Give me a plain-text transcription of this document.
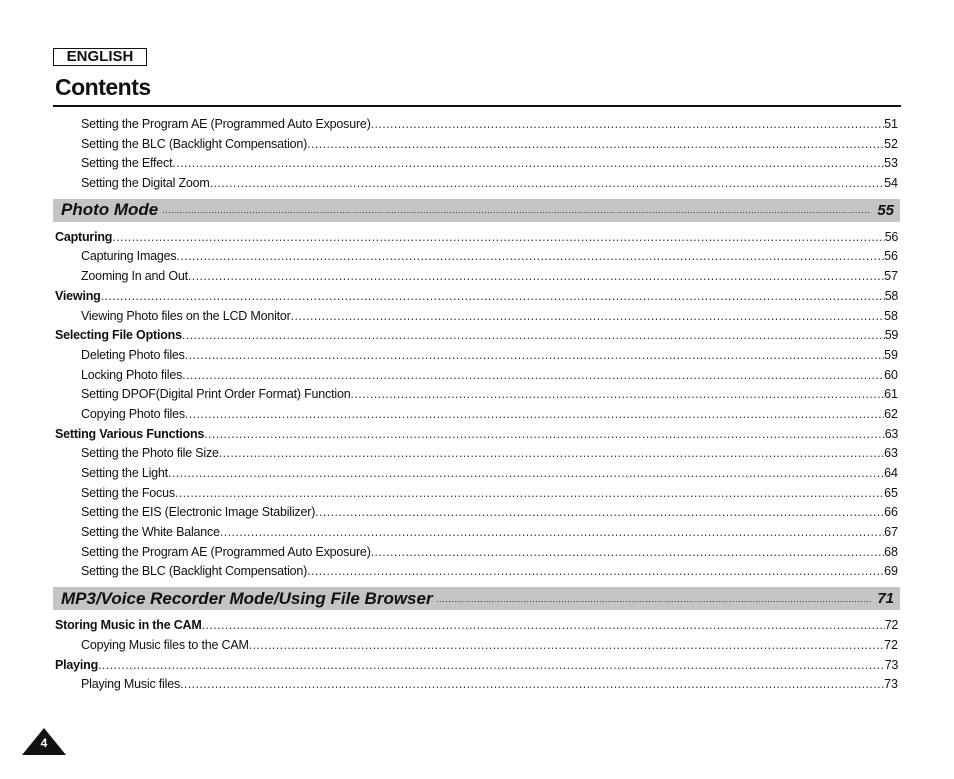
ENGLISH
Contents
Setting the Program AE (Programmed Auto Exposure) .....	51
Setting the BLC (Backlight Compensation) .....	52
Setting the Effect .....	53
Setting the Digital Zoom .....	54
Photo Mode .....	55
Capturing .....	56
Capturing Images .....	56
Zooming In and Out .....	57
Viewing .....	58
Viewing Photo files on the LCD Monitor .....	58
Selecting File Options .....	59
Deleting Photo files .....	59
Locking Photo files .....	60
Setting DPOF(Digital Print Order Format) Function .....	61
Copying Photo files .....	62
Setting Various Functions .....	63
Setting the Photo file Size .....	63
Setting the Light .....	64
Setting the Focus .....	65
Setting the EIS (Electronic Image Stabilizer) .....	66
Setting the White Balance .....	67
Setting the Program AE (Programmed Auto Exposure) .....	68
Setting the BLC (Backlight Compensation) .....	69
MP3/Voice Recorder Mode/Using File Browser .....	71
Storing Music in the CAM .....	72
Copying Music files to the CAM .....	72
Playing .....	73
Playing Music files .....	73
4
